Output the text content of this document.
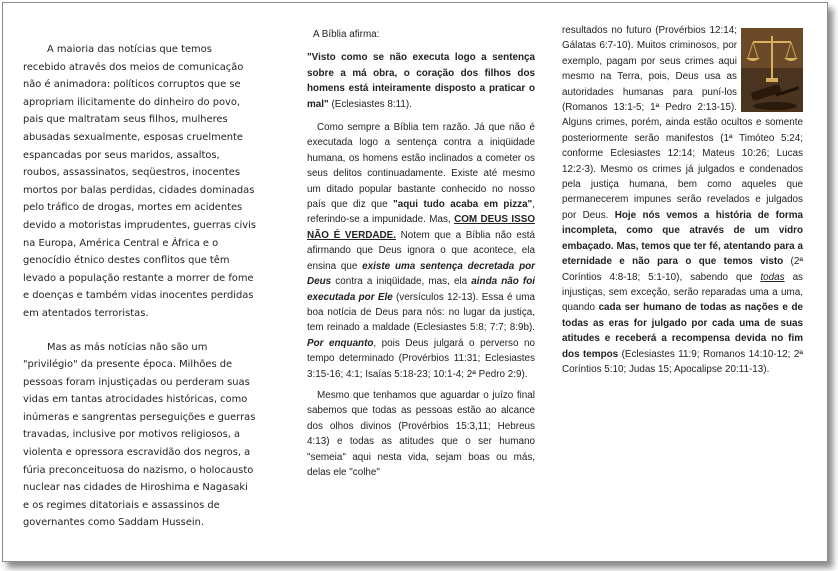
A maioria das notícias que temos recebido através dos meios de comunicação não é animadora: políticos corruptos que se apropriam ilicitamente do dinheiro do povo, pais que maltratam seus filhos, mulheres abusadas sexualmente, esposas cruelmente espancadas por seus maridos, assaltos, roubos, assassinatos, seqüestros, inocentes mortos por balas perdidas, cidades dominadas pelo tráfico de drogas, mortes em acidentes devido a motoristas imprudentes, guerras civis na Europa, América Central e África e o genocídio étnico destes conflitos que têm levado a população restante a morrer de fome e doenças e também vidas inocentes perdidas em atentados terroristas.

Mas as más notícias não são um "privilégio" da presente época. Milhões de pessoas foram injustiçadas ou perderam suas vidas em tantas atrocidades históricas, como inúmeras e sangrentas perseguições e guerras travadas, inclusive por motivos religiosos, a violenta e opressora escravidão dos negros, a fúria preconceituosa do nazismo, o holocausto nuclear nas cidades de Hiroshima e Nagasaki e os regimes ditatoriais e assassinos de governantes como Saddam Hussein.

A Bíblia afirma:

"Visto como se não executa logo a sentença sobre a má obra, o coração dos filhos dos homens está inteiramente disposto a praticar o mal" (Eclesiastes 8:11).

Como sempre a Bíblia tem razão. Já que não é executada logo a sentença contra a iniqüidade humana, os homens estão inclinados a cometer os seus delitos continuadamente. Existe até mesmo um ditado popular bastante conhecido no nosso país que diz que "aqui tudo acaba em pizza", referindo-se a impunidade. Mas, COM DEUS ISSO NÃO É VERDADE. Notem que a Bíblia não está afirmando que Deus ignora o que acontece, ela ensina que existe uma sentença decretada por Deus contra a iniqüidade, mas, ela ainda não foi executada por Ele (versículos 12-13). Essa é uma boa notícia de Deus para nós: no lugar da justiça, tem reinado a maldade (Eclesiastes 5:8; 7:7; 8:9b). Por enquanto, pois Deus julgará o perverso no tempo determinado (Provérbios 11:31; Eclesiastes 3:15-16; 4:1; Isaías 5:18-23; 10:1-4; 2ª Pedro 2:9).

Mesmo que tenhamos que aguardar o juízo final sabemos que todas as pessoas estão ao alcance dos olhos divinos (Provérbios 15:3,11; Hebreus 4:13) e todas as atitudes que o ser humano "semeia" aqui nesta vida, sejam boas ou más, delas ele "colhe"

resultados no futuro (Provérbios 12:14; Gálatas 6:7-10). Muitos criminosos, por exemplo, pagam por seus crimes aqui mesmo na Terra, pois, Deus usa as autoridades humanas para puní-los (Romanos 13:1-5; 1ª Pedro 2:13-15). Alguns crimes, porém, ainda estão ocultos e somente posteriormente serão manifestos (1ª Timóteo 5:24; conforme Eclesiastes 12:14; Mateus 10:26; Lucas 12:2-3). Mesmo os crimes já julgados e condenados pela justiça humana, bem como aqueles que permanecerem impunes serão revelados e julgados por Deus. Hoje nós vemos a história de forma incompleta, como que através de um vidro embaçado. Mas, temos que ter fé, atentando para a eternidade e não para o que temos visto (2ª Coríntios 4:8-18; 5:1-10), sabendo que todas as injustiças, sem exceção, serão reparadas uma a uma, quando cada ser humano de todas as nações e de todas as eras for julgado por cada uma de suas atitudes e receberá a recompensa devida no fim dos tempos (Eclesiastes 11:9; Romanos 14:10-12; 2ª Coríntios 5:10; Judas 15; Apocalipse 20:11-13).
